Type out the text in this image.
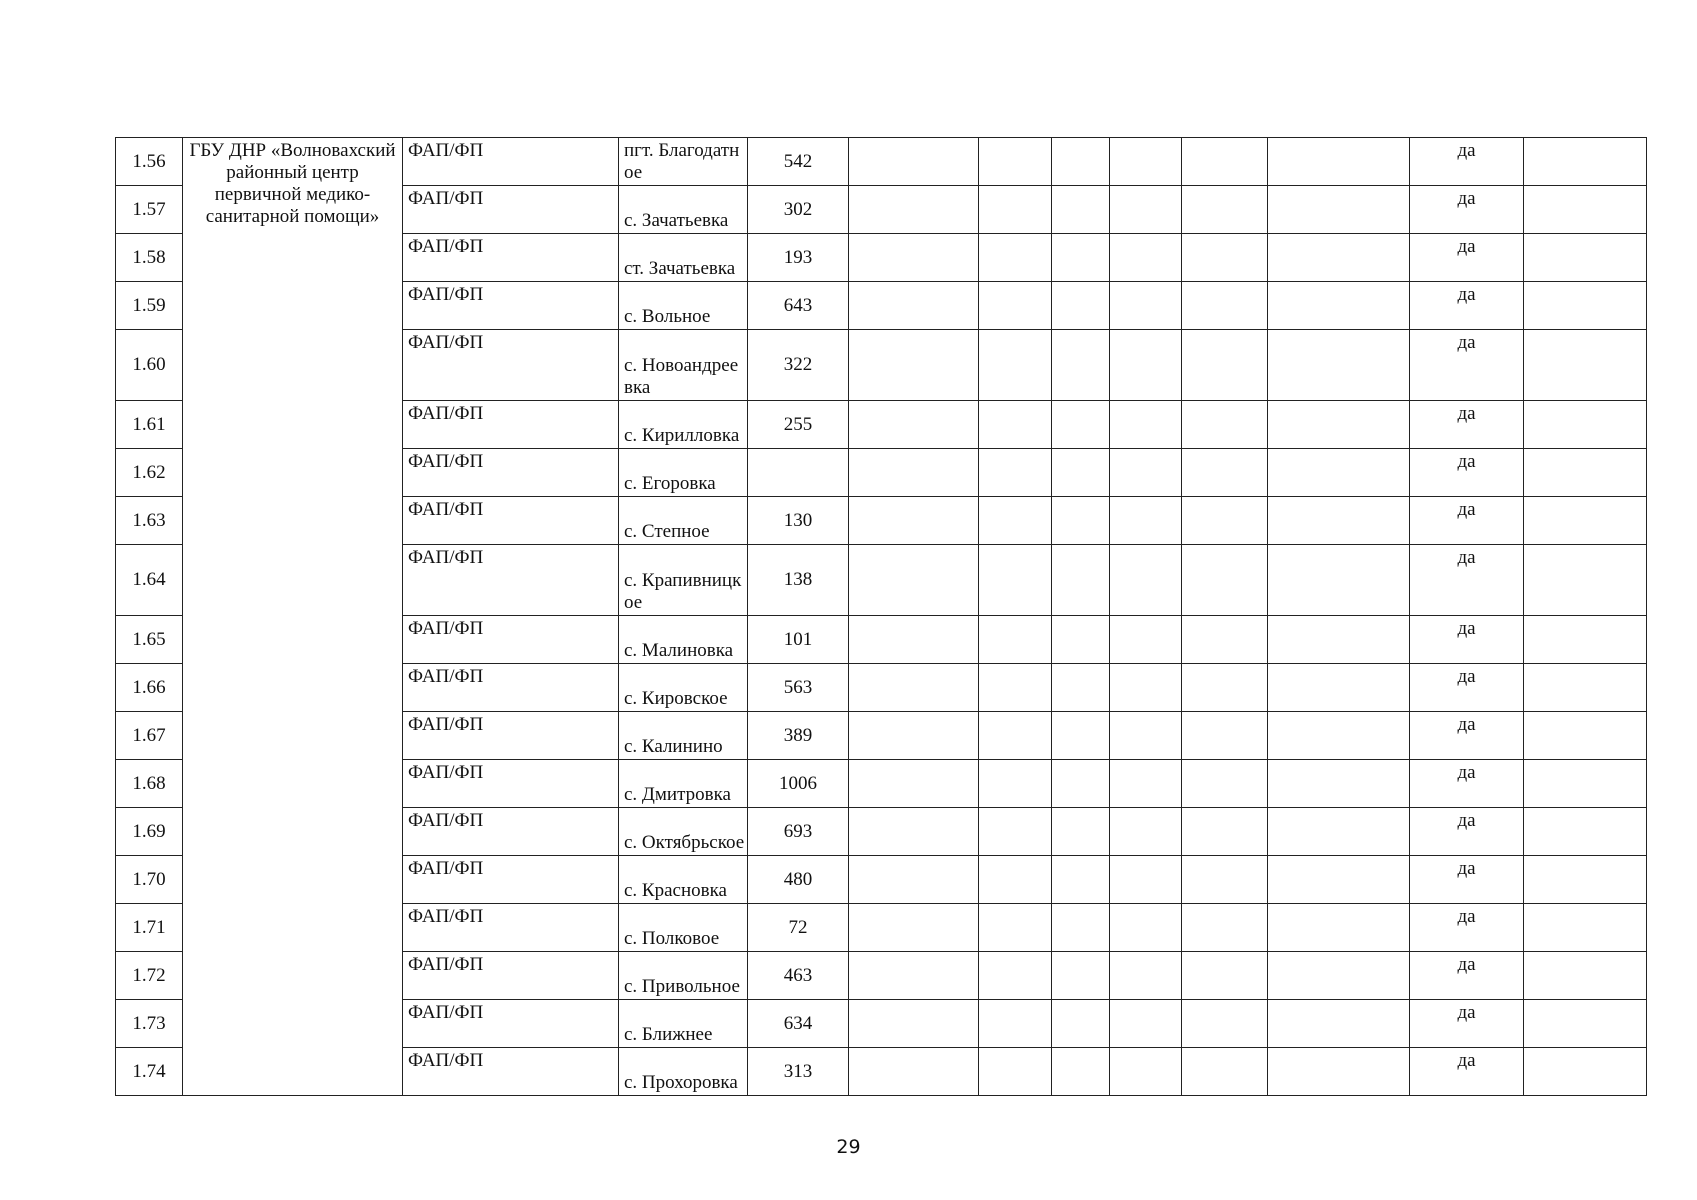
1.56	ГБУ ДНР «Волновахский районный центр первичной медико-санитарной помощи»	ФАП/ФП	пгт. Благодатное	542							да	
1.57		ФАП/ФП	с. Зачатьевка	302							да	
1.58		ФАП/ФП	ст. Зачатьевка	193							да	
1.59		ФАП/ФП	с. Вольное	643							да	
1.60		ФАП/ФП	с. Новоандреевка	322							да	
1.61		ФАП/ФП	с. Кирилловка	255							да	
1.62		ФАП/ФП	с. Егоровка								да	
1.63		ФАП/ФП	с. Степное	130							да	
1.64		ФАП/ФП	с. Крапивницкое	138							да	
1.65		ФАП/ФП	с. Малиновка	101							да	
1.66		ФАП/ФП	с. Кировское	563							да	
1.67		ФАП/ФП	с. Калинино	389							да	
1.68		ФАП/ФП	с. Дмитровка	1006							да	
1.69		ФАП/ФП	с. Октябрьское	693							да	
1.70		ФАП/ФП	с. Красновка	480							да	
1.71		ФАП/ФП	с. Полковое	72							да	
1.72		ФАП/ФП	с. Привольное	463							да	
1.73		ФАП/ФП	с. Ближнее	634							да	
1.74		ФАП/ФП	с. Прохоровка	313							да	
29
